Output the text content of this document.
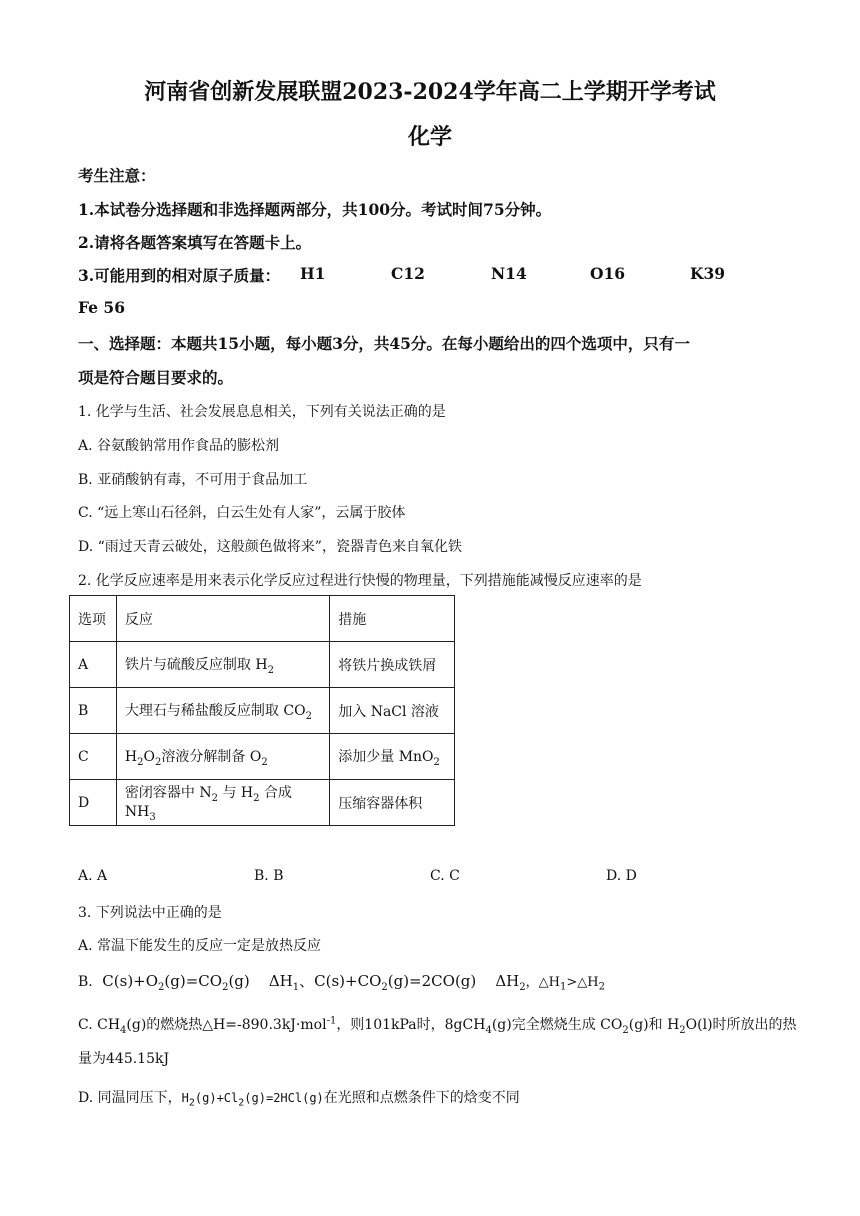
河南省创新发展联盟2023-2024学年高二上学期开学考试
化学
考生注意：
1.本试卷分选择题和非选择题两部分，共100分。考试时间75分钟。
2.请将各题答案填写在答题卡上。
3.可能用到的相对原子质量： H1	C12	N14	O16	K39
Fe 56
一、选择题：本题共15小题，每小题3分，共45分。在每小题给出的四个选项中，只有一
项是符合题目要求的。
1. 化学与生活、社会发展息息相关，下列有关说法正确的是
A. 谷氨酸钠常用作食品的膨松剂
B. 亚硝酸钠有毒，不可用于食品加工
C. “远上寒山石径斜，白云生处有人家”，云属于胶体
D. “雨过天青云破处，这般颜色做将来”，瓷器青色来自氧化铁
2. 化学反应速率是用来表示化学反应过程进行快慢的物理量，下列措施能减慢反应速率的是
选项	反应	措施
A	铁片与硫酸反应制取 $H_2$	将铁片换成铁屑
B	大理石与稀盐酸反应制取 $CO_2$	加入 NaCl 溶液
C	$H_2O_2$溶液分解制备 $O_2$	添加少量 MnO$_2$
D	密闭容器中 $N_2$ 与 $H_2$ 合成 $NH_3$	压缩容器体积
A. A	B. B	C. C	D. D
3. 下列说法中正确的是
A. 常温下能发生的反应一定是放热反应
B. $C(s)+O_2(g)=CO_2(g)$ $\Delta H_1$、$C(s)+CO_2(g)=2CO(g)$ $\Delta H_2$，$\triangle H_1>\triangle H_2$
C. $CH_4(g)$的燃烧热△H=-890.3kJ·mol$^{-1}$，则101kPa时，8gCH$_4$(g)完全燃烧生成 $CO_2(g)$和 $H_2O(l)$时所放出的热
量为445.15kJ
D. 同温同压下，$H_2(g)+Cl_2(g)=2HCl(g)$在光照和点燃条件下的焓变不同
